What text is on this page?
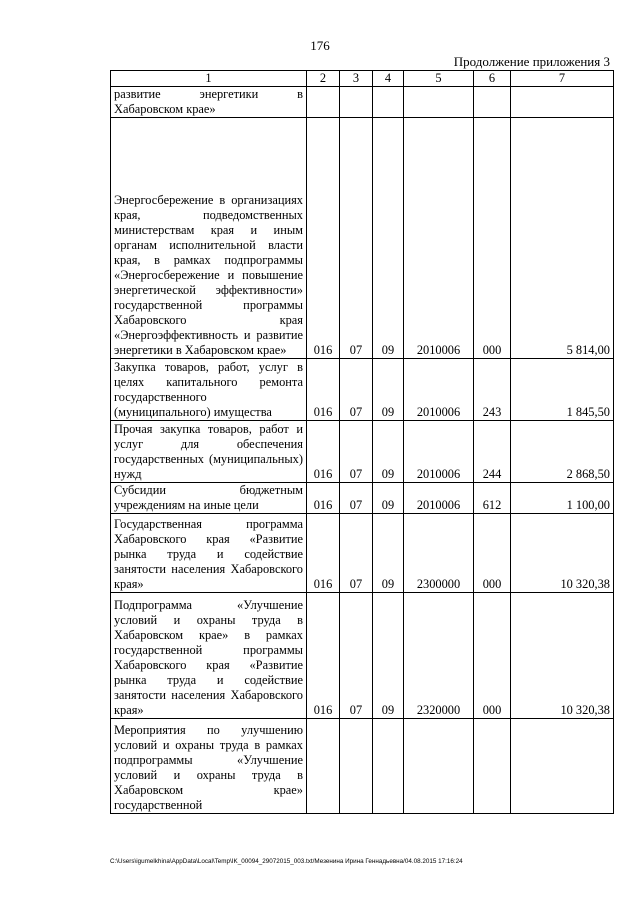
176
Продолжение приложения 3
1	2	3	4	5	6	7

развитие энергетики в Хабаровском крае»						

Энергосбережение в организациях края, подведомственных министерствам края и иным органам исполнительной власти края, в рамках подпрограммы «Энергосбережение и повышение энергетической эффективности» государственной программы Хабаровского края «Энергоэффективность и развитие энергетики в Хабаровском крае»	016	07	09	2010006	000	5 814,00

Закупка товаров, работ, услуг в целях капитального ремонта государственного (муниципального) имущества	016	07	09	2010006	243	1 845,50

Прочая закупка товаров, работ и услуг для обеспечения государственных (муниципальных) нужд	016	07	09	2010006	244	2 868,50

Субсидии бюджетным учреждениям на иные цели	016	07	09	2010006	612	1 100,00

Государственная программа Хабаровского края «Развитие рынка труда и содействие занятости населения Хабаровского края»	016	07	09	2300000	000	10 320,38

Подпрограмма «Улучшение условий и охраны труда в Хабаровском крае» в рамках государственной программы Хабаровского края «Развитие рынка труда и содействие занятости населения Хабаровского края»	016	07	09	2320000	000	10 320,38

Мероприятия по улучшению условий и охраны труда в рамках подпрограммы «Улучшение условий и охраны труда в Хабаровском крае» государственной						

C:\Users\igumelkhina\AppData\Local\Temp\IK_00094_29072015_003.txt/Мезенина Ирина Геннадьевна/04.08.2015 17:16:24
